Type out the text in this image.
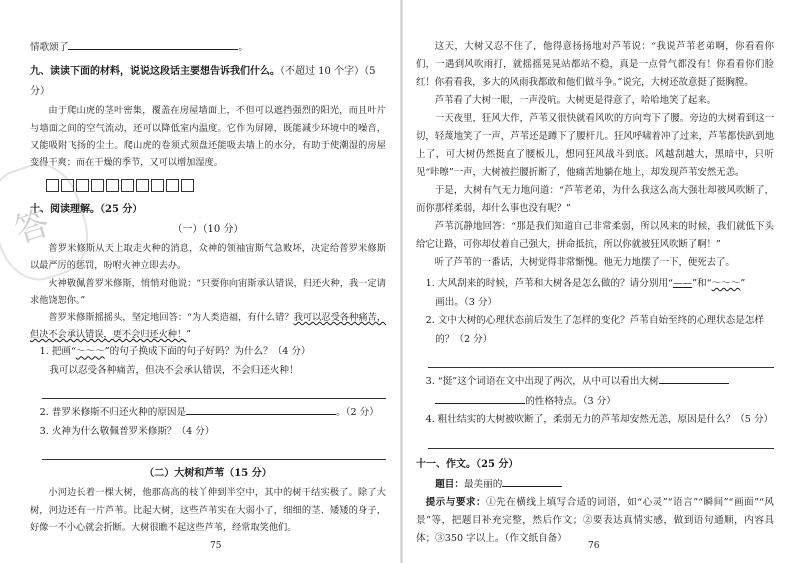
答
情歌颂了	。
九、读读下面的材料，说说这段话主要想告诉我们什么。（不超过 10 个字）（5 分）

由于爬山虎的茎叶密集，覆盖在房屋墙面上，不但可以遮挡强烈的阳光，而且叶片与墙面之间的空气流动，还可以降低室内温度。它作为屏障，既能减少环境中的噪音，又能吸附飞扬的尘土。爬山虎的卷须式须盘还能吸去墙上的水分，有助于使潮湿的房屋变得干爽；而在干燥的季节，又可以增加湿度。

十、阅读理解。（25 分）
（一）（10 分）

普罗米修斯从天上取走火种的消息，众神的领袖宙斯气急败坏，决定给普罗米修斯以最严厉的惩罚，吩咐火神立即去办。

火神敬佩普罗米修斯，悄悄对他说：“只要你向宙斯承认错误，归还火种，我一定请求他饶恕你。”

普罗米修斯摇摇头，坚定地回答：“为人类造福，有什么错？我可以忍受各种痛苦，但决不会承认错误，更不会归还火种！”

1. 把画“～～～”的句子换成下面的句子好吗？为什么？（4 分）

我可以忍受各种痛苦，但决不会承认错误，不会归还火种！

2. 普罗米修斯不归还火种的原因是	。（2 分）

3. 火神为什么敬佩普罗米修斯？（4 分）

（二）大树和芦苇（15 分）

小河边长着一棵大树，他那高高的枝丫伸到半空中，其中的树干结实极了。除了大树，河边还有一片芦苇。比起大树，这些芦苇实在大弱小了，细细的茎、矮矮的身子，好像一不小心就会折断。大树很瞧不起这些芦苇，经常取笑他们。

75

这天，大树又忍不住了，他得意扬扬地对芦苇说：“我说芦苇老弟啊，你看看你们，一遇到风吹雨打，就摇摇晃晃站都站不稳，真是一点骨气都没有！你看看你们脸红！你看看我，多大的风雨我都敢和他们做斗争。”说完，大树还故意挺了挺胸膛。

芦苇看了大树一眼，一声没吭。大树更是得意了，哈哈地笑了起来。

一天夜里，狂风大作，芦苇又很快就看风吹的方向弯下了腰。旁边的大树看到这一切，轻蔑地笑了一声，芦苇还是蹲下了腰杆儿。狂风呼啸着冲了过来，芦苇都快趴到地上了，可大树仍然挺直了腰板儿，想同狂风战斗到底。风越刮越大，黑暗中，只听见“咔嚓”一声，大树被拦腰折断了，他痛苦地躺在地上，却发现芦苇安然无恙。

于是，大树有气无力地问道：“芦苇老弟，为什么我这么高大强壮却被风吹断了，而你那样柔弱，却什么事也没有呢？”

芦苇沉静地回答：“那是我们知道自己非常柔弱，所以风来的时候，我们就低下头给它让路，可你却仗着自己强大，拼命抵抗，所以你就被狂风吹断了啊！”

听了芦苇的一番话，大树觉得非常惭愧。他无力地摆了一下，便死去了。

1. 大风刮来的时候，芦苇和大树各是怎么做的？请分别用“——”和“～～～”

画出。（3 分）

2. 文中大树的心理状态前后发生了怎样的变化？芦苇自始至终的心理状态是怎样的？（2 分）

3. “挺”这个词语在文中出现了两次，从中可以看出大树

的性格特点。（3 分）

4. 粗壮结实的大树被吹断了，柔弱无力的芦苇却安然无恙，原因是什么？（5 分）

十一、作文。（25 分）

题目：最美丽的

提示与要求：①先在横线上填写合适的词语，如“心灵”“语言”“瞬间”“画面”“风景”等，把题目补充完整，然后作文；②要表达真情实感，做到语句通顺，内容具体；③350 字以上。（作文纸自备）

76
